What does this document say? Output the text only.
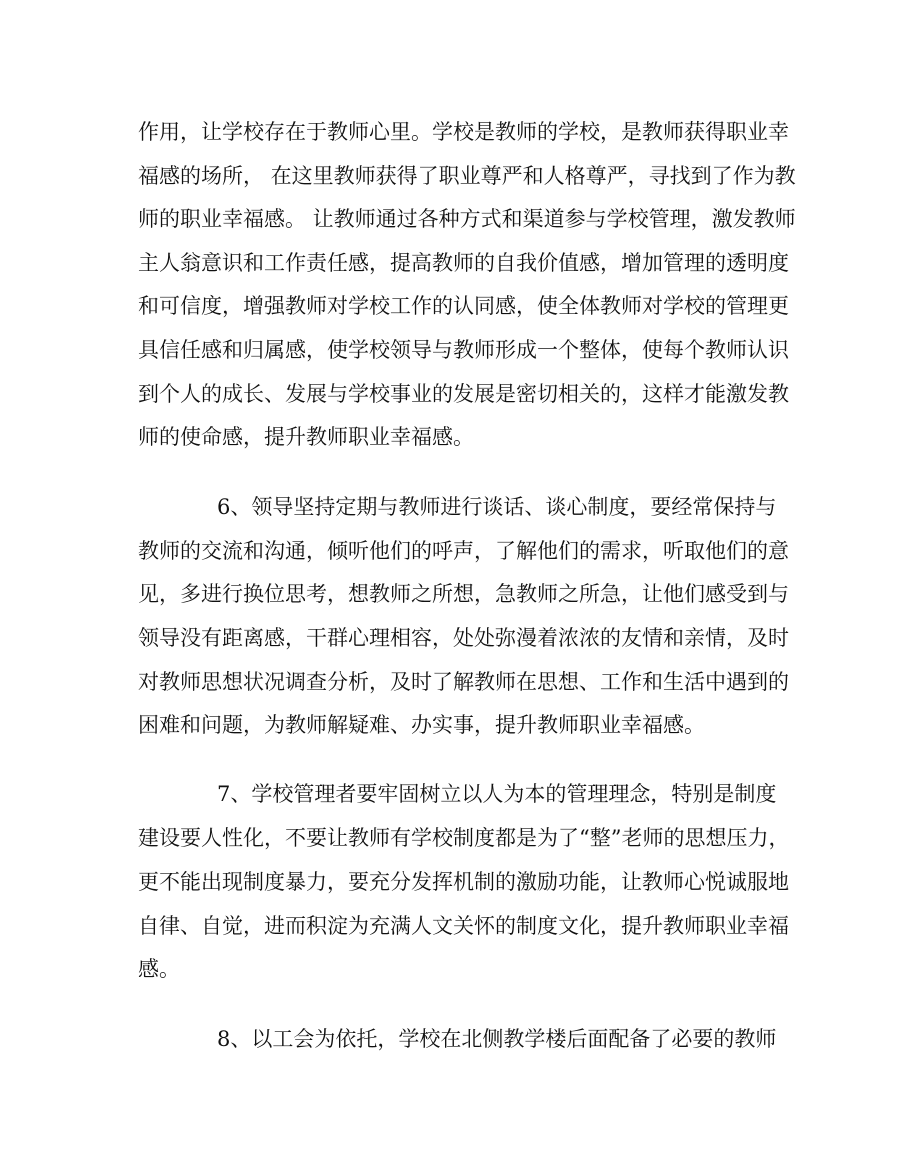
作用，让学校存在于教师心里。学校是教师的学校，是教师获得职业幸
福感的场所， 在这里教师获得了职业尊严和人格尊严，寻找到了作为教
师的职业幸福感。 让教师通过各种方式和渠道参与学校管理，激发教师
主人翁意识和工作责任感，提高教师的自我价值感，增加管理的透明度
和可信度，增强教师对学校工作的认同感，使全体教师对学校的管理更
具信任感和归属感，使学校领导与教师形成一个整体，使每个教师认识
到个人的成长、发展与学校事业的发展是密切相关的，这样才能激发教
师的使命感，提升教师职业幸福感。
6、领导坚持定期与教师进行谈话、谈心制度，要经常保持与
教师的交流和沟通，倾听他们的呼声，了解他们的需求，听取他们的意
见，多进行换位思考，想教师之所想，急教师之所急，让他们感受到与
领导没有距离感，干群心理相容，处处弥漫着浓浓的友情和亲情，及时
对教师思想状况调查分析，及时了解教师在思想、工作和生活中遇到的
困难和问题，为教师解疑难、办实事，提升教师职业幸福感。
7、学校管理者要牢固树立以人为本的管理理念，特别是制度
建设要人性化，不要让教师有学校制度都是为了“整”老师的思想压力，
更不能出现制度暴力，要充分发挥机制的激励功能，让教师心悦诚服地
自律、自觉，进而积淀为充满人文关怀的制度文化，提升教师职业幸福
感。
8、以工会为依托，学校在北侧教学楼后面配备了必要的教师
